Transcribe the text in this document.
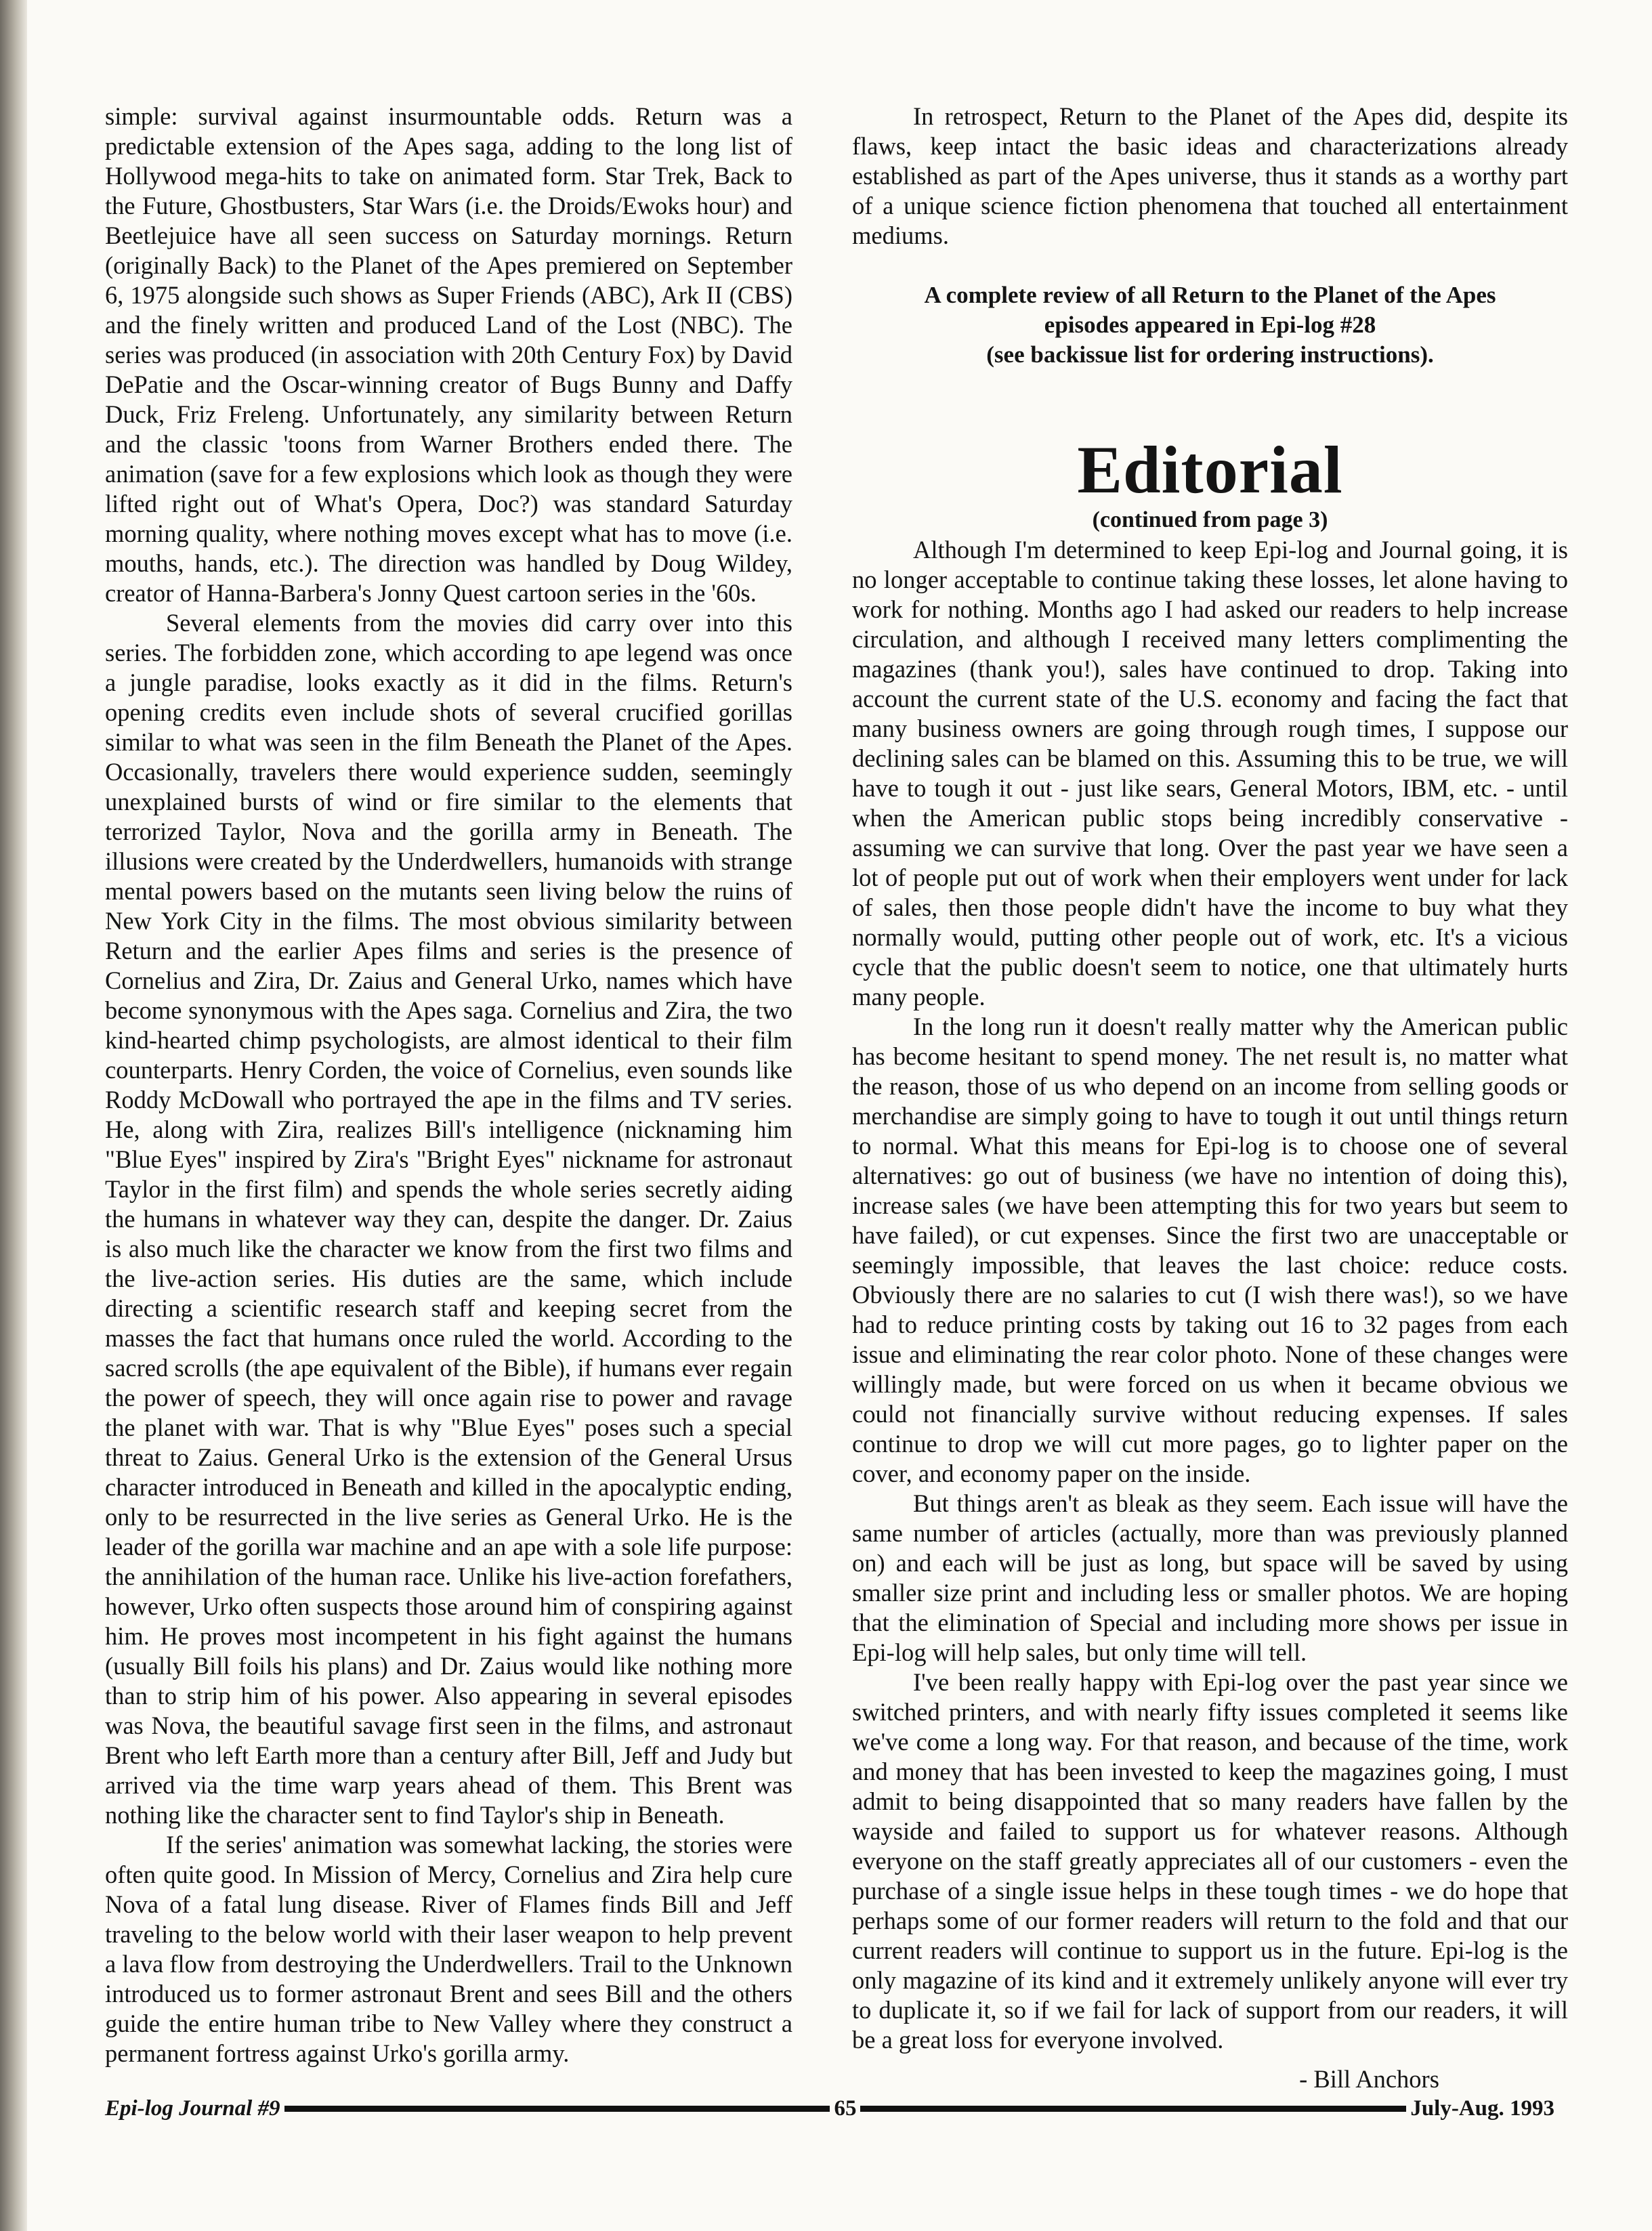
simple: survival against insurmountable odds. Return was a predictable extension of the Apes saga, adding to the long list of Hollywood mega-hits to take on animated form. Star Trek, Back to the Future, Ghostbusters, Star Wars (i.e. the Droids/Ewoks hour) and Beetlejuice have all seen success on Saturday mornings. Return (originally Back) to the Planet of the Apes premiered on September 6, 1975 alongside such shows as Super Friends (ABC), Ark II (CBS) and the finely written and produced Land of the Lost (NBC). The series was produced (in association with 20th Century Fox) by David DePatie and the Oscar-winning creator of Bugs Bunny and Daffy Duck, Friz Freleng. Unfortunately, any similarity between Return and the classic 'toons from Warner Brothers ended there. The animation (save for a few explosions which look as though they were lifted right out of What's Opera, Doc?) was standard Saturday morning quality, where nothing moves except what has to move (i.e. mouths, hands, etc.). The direction was handled by Doug Wildey, creator of Hanna-Barbera's Jonny Quest cartoon series in the '60s.

Several elements from the movies did carry over into this series. The forbidden zone, which according to ape legend was once a jungle paradise, looks exactly as it did in the films. Return's opening credits even include shots of several crucified gorillas similar to what was seen in the film Beneath the Planet of the Apes. Occasionally, travelers there would experience sudden, seemingly unexplained bursts of wind or fire similar to the elements that terrorized Taylor, Nova and the gorilla army in Beneath. The illusions were created by the Underdwellers, humanoids with strange mental powers based on the mutants seen living below the ruins of New York City in the films. The most obvious similarity between Return and the earlier Apes films and series is the presence of Cornelius and Zira, Dr. Zaius and General Urko, names which have become synonymous with the Apes saga. Cornelius and Zira, the two kind-hearted chimp psychologists, are almost identical to their film counterparts. Henry Corden, the voice of Cornelius, even sounds like Roddy McDowall who portrayed the ape in the films and TV series. He, along with Zira, realizes Bill's intelligence (nicknaming him "Blue Eyes" inspired by Zira's "Bright Eyes" nickname for astronaut Taylor in the first film) and spends the whole series secretly aiding the humans in whatever way they can, despite the danger. Dr. Zaius is also much like the character we know from the first two films and the live-action series. His duties are the same, which include directing a scientific research staff and keeping secret from the masses the fact that humans once ruled the world. According to the sacred scrolls (the ape equivalent of the Bible), if humans ever regain the power of speech, they will once again rise to power and ravage the planet with war. That is why "Blue Eyes" poses such a special threat to Zaius. General Urko is the extension of the General Ursus character introduced in Beneath and killed in the apocalyptic ending, only to be resurrected in the live series as General Urko. He is the leader of the gorilla war machine and an ape with a sole life purpose: the annihilation of the human race. Unlike his live-action forefathers, however, Urko often suspects those around him of conspiring against him. He proves most incompetent in his fight against the humans (usually Bill foils his plans) and Dr. Zaius would like nothing more than to strip him of his power. Also appearing in several episodes was Nova, the beautiful savage first seen in the films, and astronaut Brent who left Earth more than a century after Bill, Jeff and Judy but arrived via the time warp years ahead of them. This Brent was nothing like the character sent to find Taylor's ship in Beneath.

If the series' animation was somewhat lacking, the stories were often quite good. In Mission of Mercy, Cornelius and Zira help cure Nova of a fatal lung disease. River of Flames finds Bill and Jeff traveling to the below world with their laser weapon to help prevent a lava flow from destroying the Underdwellers. Trail to the Unknown introduced us to former astronaut Brent and sees Bill and the others guide the entire human tribe to New Valley where they construct a permanent fortress against Urko's gorilla army.

In retrospect, Return to the Planet of the Apes did, despite its flaws, keep intact the basic ideas and characterizations already established as part of the Apes universe, thus it stands as a worthy part of a unique science fiction phenomena that touched all entertainment mediums.

A complete review of all Return to the Planet of the Apes
episodes appeared in Epi-log #28
(see backissue list for ordering instructions).
Editorial
(continued from page 3)

Although I'm determined to keep Epi-log and Journal going, it is no longer acceptable to continue taking these losses, let alone having to work for nothing. Months ago I had asked our readers to help increase circulation, and although I received many letters complimenting the magazines (thank you!), sales have continued to drop. Taking into account the current state of the U.S. economy and facing the fact that many business owners are going through rough times, I suppose our declining sales can be blamed on this. Assuming this to be true, we will have to tough it out - just like sears, General Motors, IBM, etc. - until when the American public stops being incredibly conservative - assuming we can survive that long. Over the past year we have seen a lot of people put out of work when their employers went under for lack of sales, then those people didn't have the income to buy what they normally would, putting other people out of work, etc. It's a vicious cycle that the public doesn't seem to notice, one that ultimately hurts many people.

In the long run it doesn't really matter why the American public has become hesitant to spend money. The net result is, no matter what the reason, those of us who depend on an income from selling goods or merchandise are simply going to have to tough it out until things return to normal. What this means for Epi-log is to choose one of several alternatives: go out of business (we have no intention of doing this), increase sales (we have been attempting this for two years but seem to have failed), or cut expenses. Since the first two are unacceptable or seemingly impossible, that leaves the last choice: reduce costs. Obviously there are no salaries to cut (I wish there was!), so we have had to reduce printing costs by taking out 16 to 32 pages from each issue and eliminating the rear color photo. None of these changes were willingly made, but were forced on us when it became obvious we could not financially survive without reducing expenses. If sales continue to drop we will cut more pages, go to lighter paper on the cover, and economy paper on the inside.

But things aren't as bleak as they seem. Each issue will have the same number of articles (actually, more than was previously planned on) and each will be just as long, but space will be saved by using smaller size print and including less or smaller photos. We are hoping that the elimination of Special and including more shows per issue in Epi-log will help sales, but only time will tell.

I've been really happy with Epi-log over the past year since we switched printers, and with nearly fifty issues completed it seems like we've come a long way. For that reason, and because of the time, work and money that has been invested to keep the magazines going, I must admit to being disappointed that so many readers have fallen by the wayside and failed to support us for whatever reasons. Although everyone on the staff greatly appreciates all of our customers - even the purchase of a single issue helps in these tough times - we do hope that perhaps some of our former readers will return to the fold and that our current readers will continue to support us in the future. Epi-log is the only magazine of its kind and it extremely unlikely anyone will ever try to duplicate it, so if we fail for lack of support from our readers, it will be a great loss for everyone involved.

- Bill Anchors
Epi-log Journal #9	65	July-Aug. 1993
